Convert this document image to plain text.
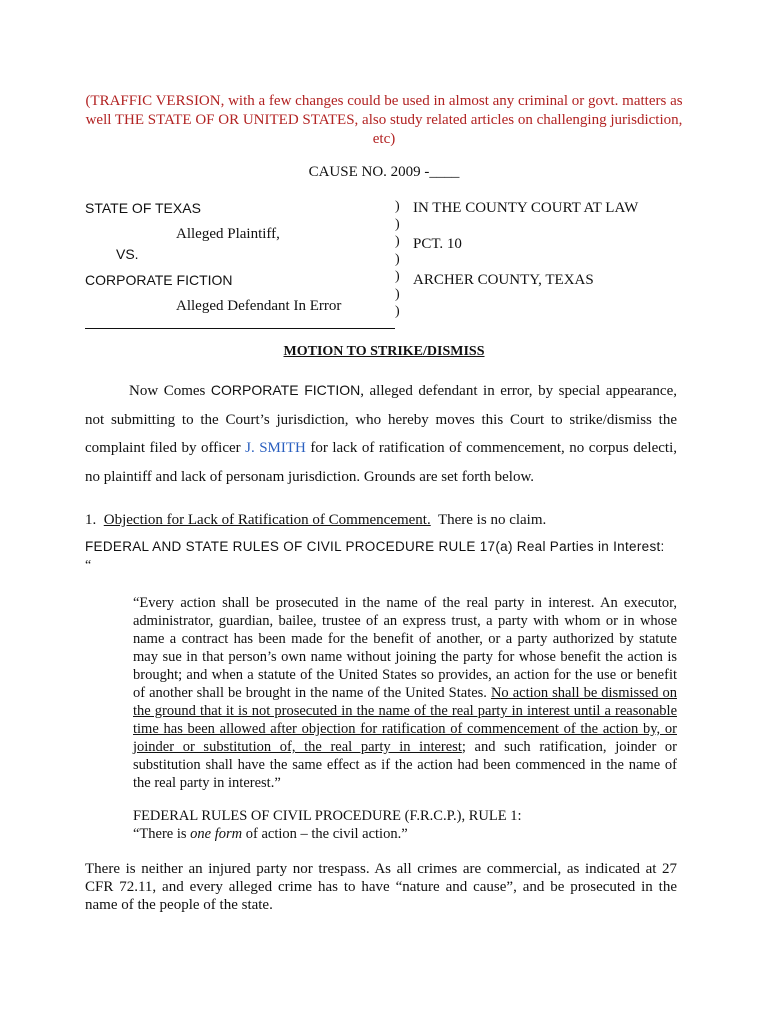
(TRAFFIC VERSION, with a few changes could be used in almost any criminal or govt. matters as well THE STATE OF OR UNITED STATES, also study related articles on challenging jurisdiction, etc)
CAUSE NO. 2009 -____
STATE OF TEXAS
Alleged Plaintiff,
VS.
CORPORATE FICTION
Alleged Defendant In Error
)
)
)
)
)
)
)
IN THE COUNTY COURT AT LAW
PCT. 10
ARCHER COUNTY, TEXAS
MOTION TO STRIKE/DISMISS
Now Comes CORPORATE FICTION, alleged defendant in error, by special appearance, not submitting to the Court’s jurisdiction, who hereby moves this Court to strike/dismiss the complaint filed by officer J. SMITH for lack of ratification of commencement, no corpus delecti, no plaintiff and lack of personam jurisdiction. Grounds are set forth below.
1.  Objection for Lack of Ratification of Commencement.  There is no claim.
FEDERAL AND STATE RULES OF CIVIL PROCEDURE RULE 17(a) Real Parties in Interest:
“
“Every action shall be prosecuted in the name of the real party in interest. An executor, administrator, guardian, bailee, trustee of an express trust, a party with whom or in whose name a contract has been made for the benefit of another, or a party authorized by statute may sue in that person’s own name without joining the party for whose benefit the action is brought; and when a statute of the United States so provides, an action for the use or benefit of another shall be brought in the name of the United States. No action shall be dismissed on the ground that it is not prosecuted in the name of the real party in interest until a reasonable time has been allowed after objection for ratification of commencement of the action by, or joinder or substitution of, the real party in interest; and such ratification, joinder or substitution shall have the same effect as if the action had been commenced in the name of the real party in interest.”
FEDERAL RULES OF CIVIL PROCEDURE (F.R.C.P.), RULE 1:
“There is one form of action – the civil action.”
There is neither an injured party nor trespass. As all crimes are commercial, as indicated at 27 CFR 72.11, and every alleged crime has to have “nature and cause”, and be prosecuted in the name of the people of the state.
